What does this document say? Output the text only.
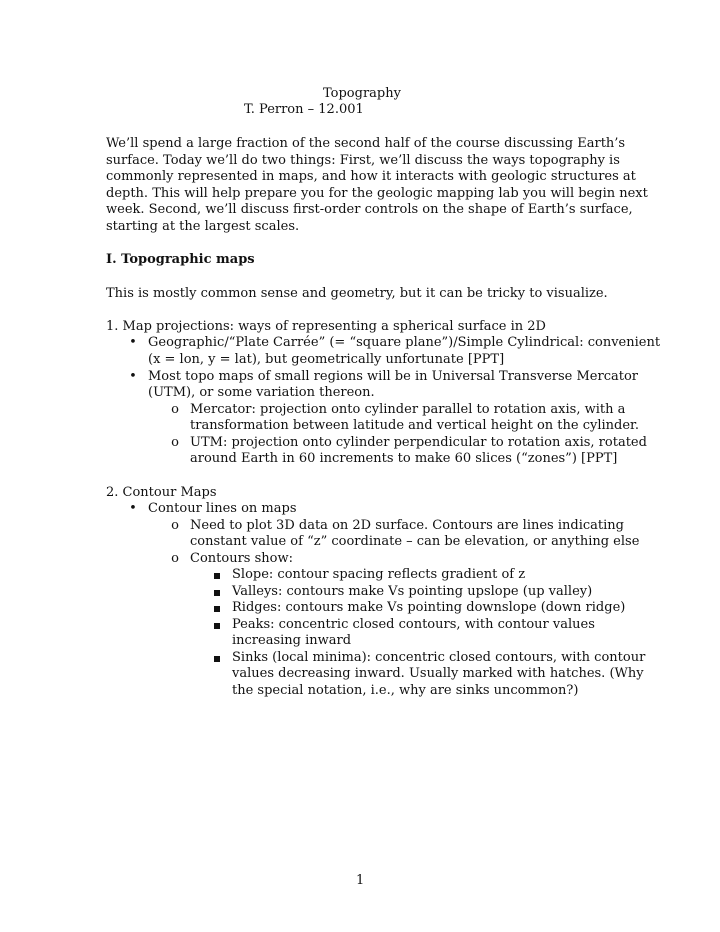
Topography
T. Perron – 12.001
We’ll spend a large fraction of the second half of the course discussing Earth’s
surface. Today we’ll do two things: First, we’ll discuss the ways topography is
commonly represented in maps, and how it interacts with geologic structures at
depth. This will help prepare you for the geologic mapping lab you will begin next
week. Second, we’ll discuss first-order controls on the shape of Earth’s surface,
starting at the largest scales.
I. Topographic maps
This is mostly common sense and geometry, but it can be tricky to visualize.
1. Map projections: ways of representing a spherical surface in 2D
• Geographic/“Plate Carrée” (= “square plane”)/Simple Cylindrical: convenient
(x = lon, y = lat), but geometrically unfortunate [PPT]
• Most topo maps of small regions will be in Universal Transverse Mercator
(UTM), or some variation thereon.
o Mercator: projection onto cylinder parallel to rotation axis, with a
transformation between latitude and vertical height on the cylinder.
o UTM: projection onto cylinder perpendicular to rotation axis, rotated
around Earth in 60 increments to make 60 slices (“zones”) [PPT]
2. Contour Maps
• Contour lines on maps
o Need to plot 3D data on 2D surface. Contours are lines indicating
constant value of “z” coordinate – can be elevation, or anything else
o Contours show:
Slope: contour spacing reflects gradient of z
Valleys: contours make Vs pointing upslope (up valley)
Ridges: contours make Vs pointing downslope (down ridge)
Peaks: concentric closed contours, with contour values
increasing inward
Sinks (local minima): concentric closed contours, with contour
values decreasing inward. Usually marked with hatches. (Why
the special notation, i.e., why are sinks uncommon?)
1
